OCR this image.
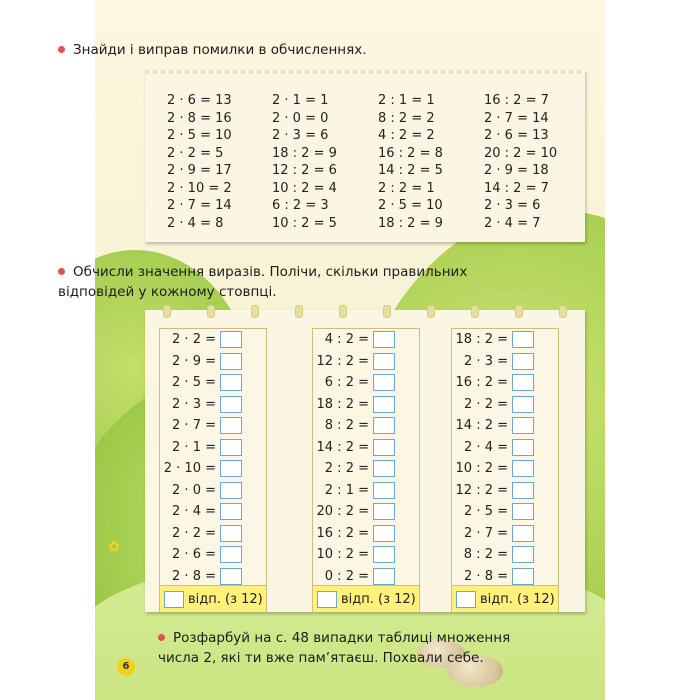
✿
Знайди і виправ помилки в обчисленнях.
2 · 6 = 13
2 · 8 = 16
2 · 5 = 10
2 · 2 = 5
2 · 9 = 17
2 · 10 = 2
2 · 7 = 14
2 · 4 = 8
2 · 1 = 1
2 · 0 = 0
2 · 3 = 6
18 : 2 = 9
12 : 2 = 6
10 : 2 = 4
6 : 2 = 3
10 : 2 = 5
2 : 1 = 1
8 : 2 = 2
4 : 2 = 2
16 : 2 = 8
14 : 2 = 5
2 : 2 = 1
2 · 5 = 10
18 : 2 = 9
16 : 2 = 7
2 · 7 = 14
2 · 6 = 13
20 : 2 = 10
2 · 9 = 18
14 : 2 = 7
2 · 3 = 6
2 · 4 = 7
Обчисли значення виразів. Полічи, скільки правильних відповідей у кожному стовпці.
2 · 2 =
2 · 9 =
2 · 5 =
2 · 3 =
2 · 7 =
2 · 1 =
2 · 10 =
2 · 0 =
2 · 4 =
2 · 2 =
2 · 6 =
2 · 8 =
відп. (з 12)
4 : 2 =
12 : 2 =
6 : 2 =
18 : 2 =
8 : 2 =
14 : 2 =
2 : 2 =
2 : 1 =
20 : 2 =
16 : 2 =
10 : 2 =
0 : 2 =
відп. (з 12)
18 : 2 =
2 · 3 =
16 : 2 =
2 · 2 =
14 : 2 =
2 · 4 =
10 : 2 =
12 : 2 =
2 · 5 =
2 · 7 =
8 : 2 =
2 · 8 =
відп. (з 12)
Розфарбуй на с. 48 випадки таблиці множення числа 2, які ти вже пам’ятаєш. Похвали себе.
6
